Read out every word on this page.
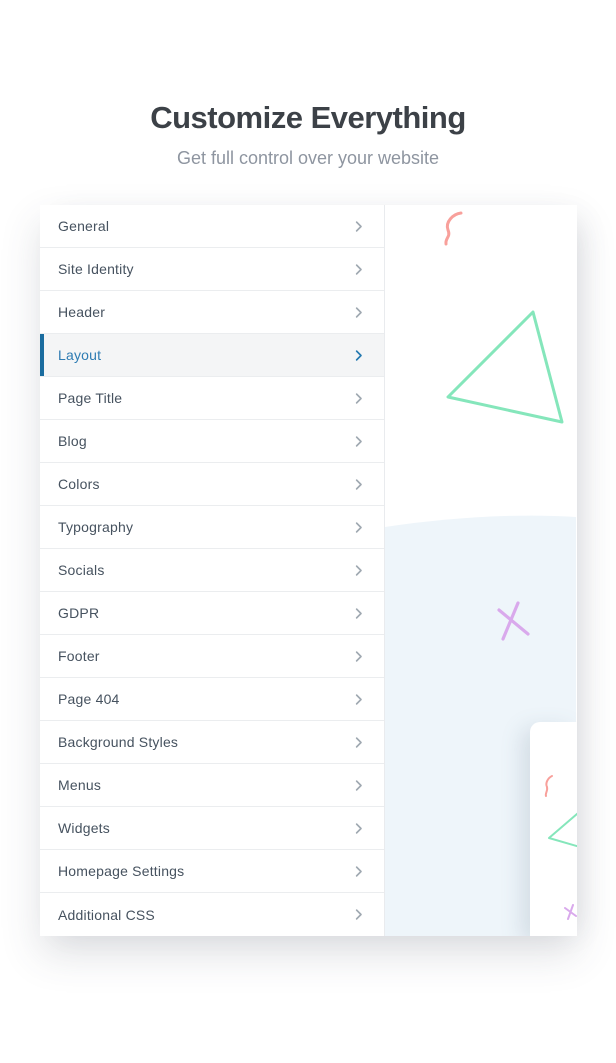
Customize Everything
Get full control over your website
General
Site Identity
Header
Layout
Page Title
Blog
Colors
Typography
Socials
GDPR
Footer
Page 404
Background Styles
Menus
Widgets
Homepage Settings
Additional CSS
